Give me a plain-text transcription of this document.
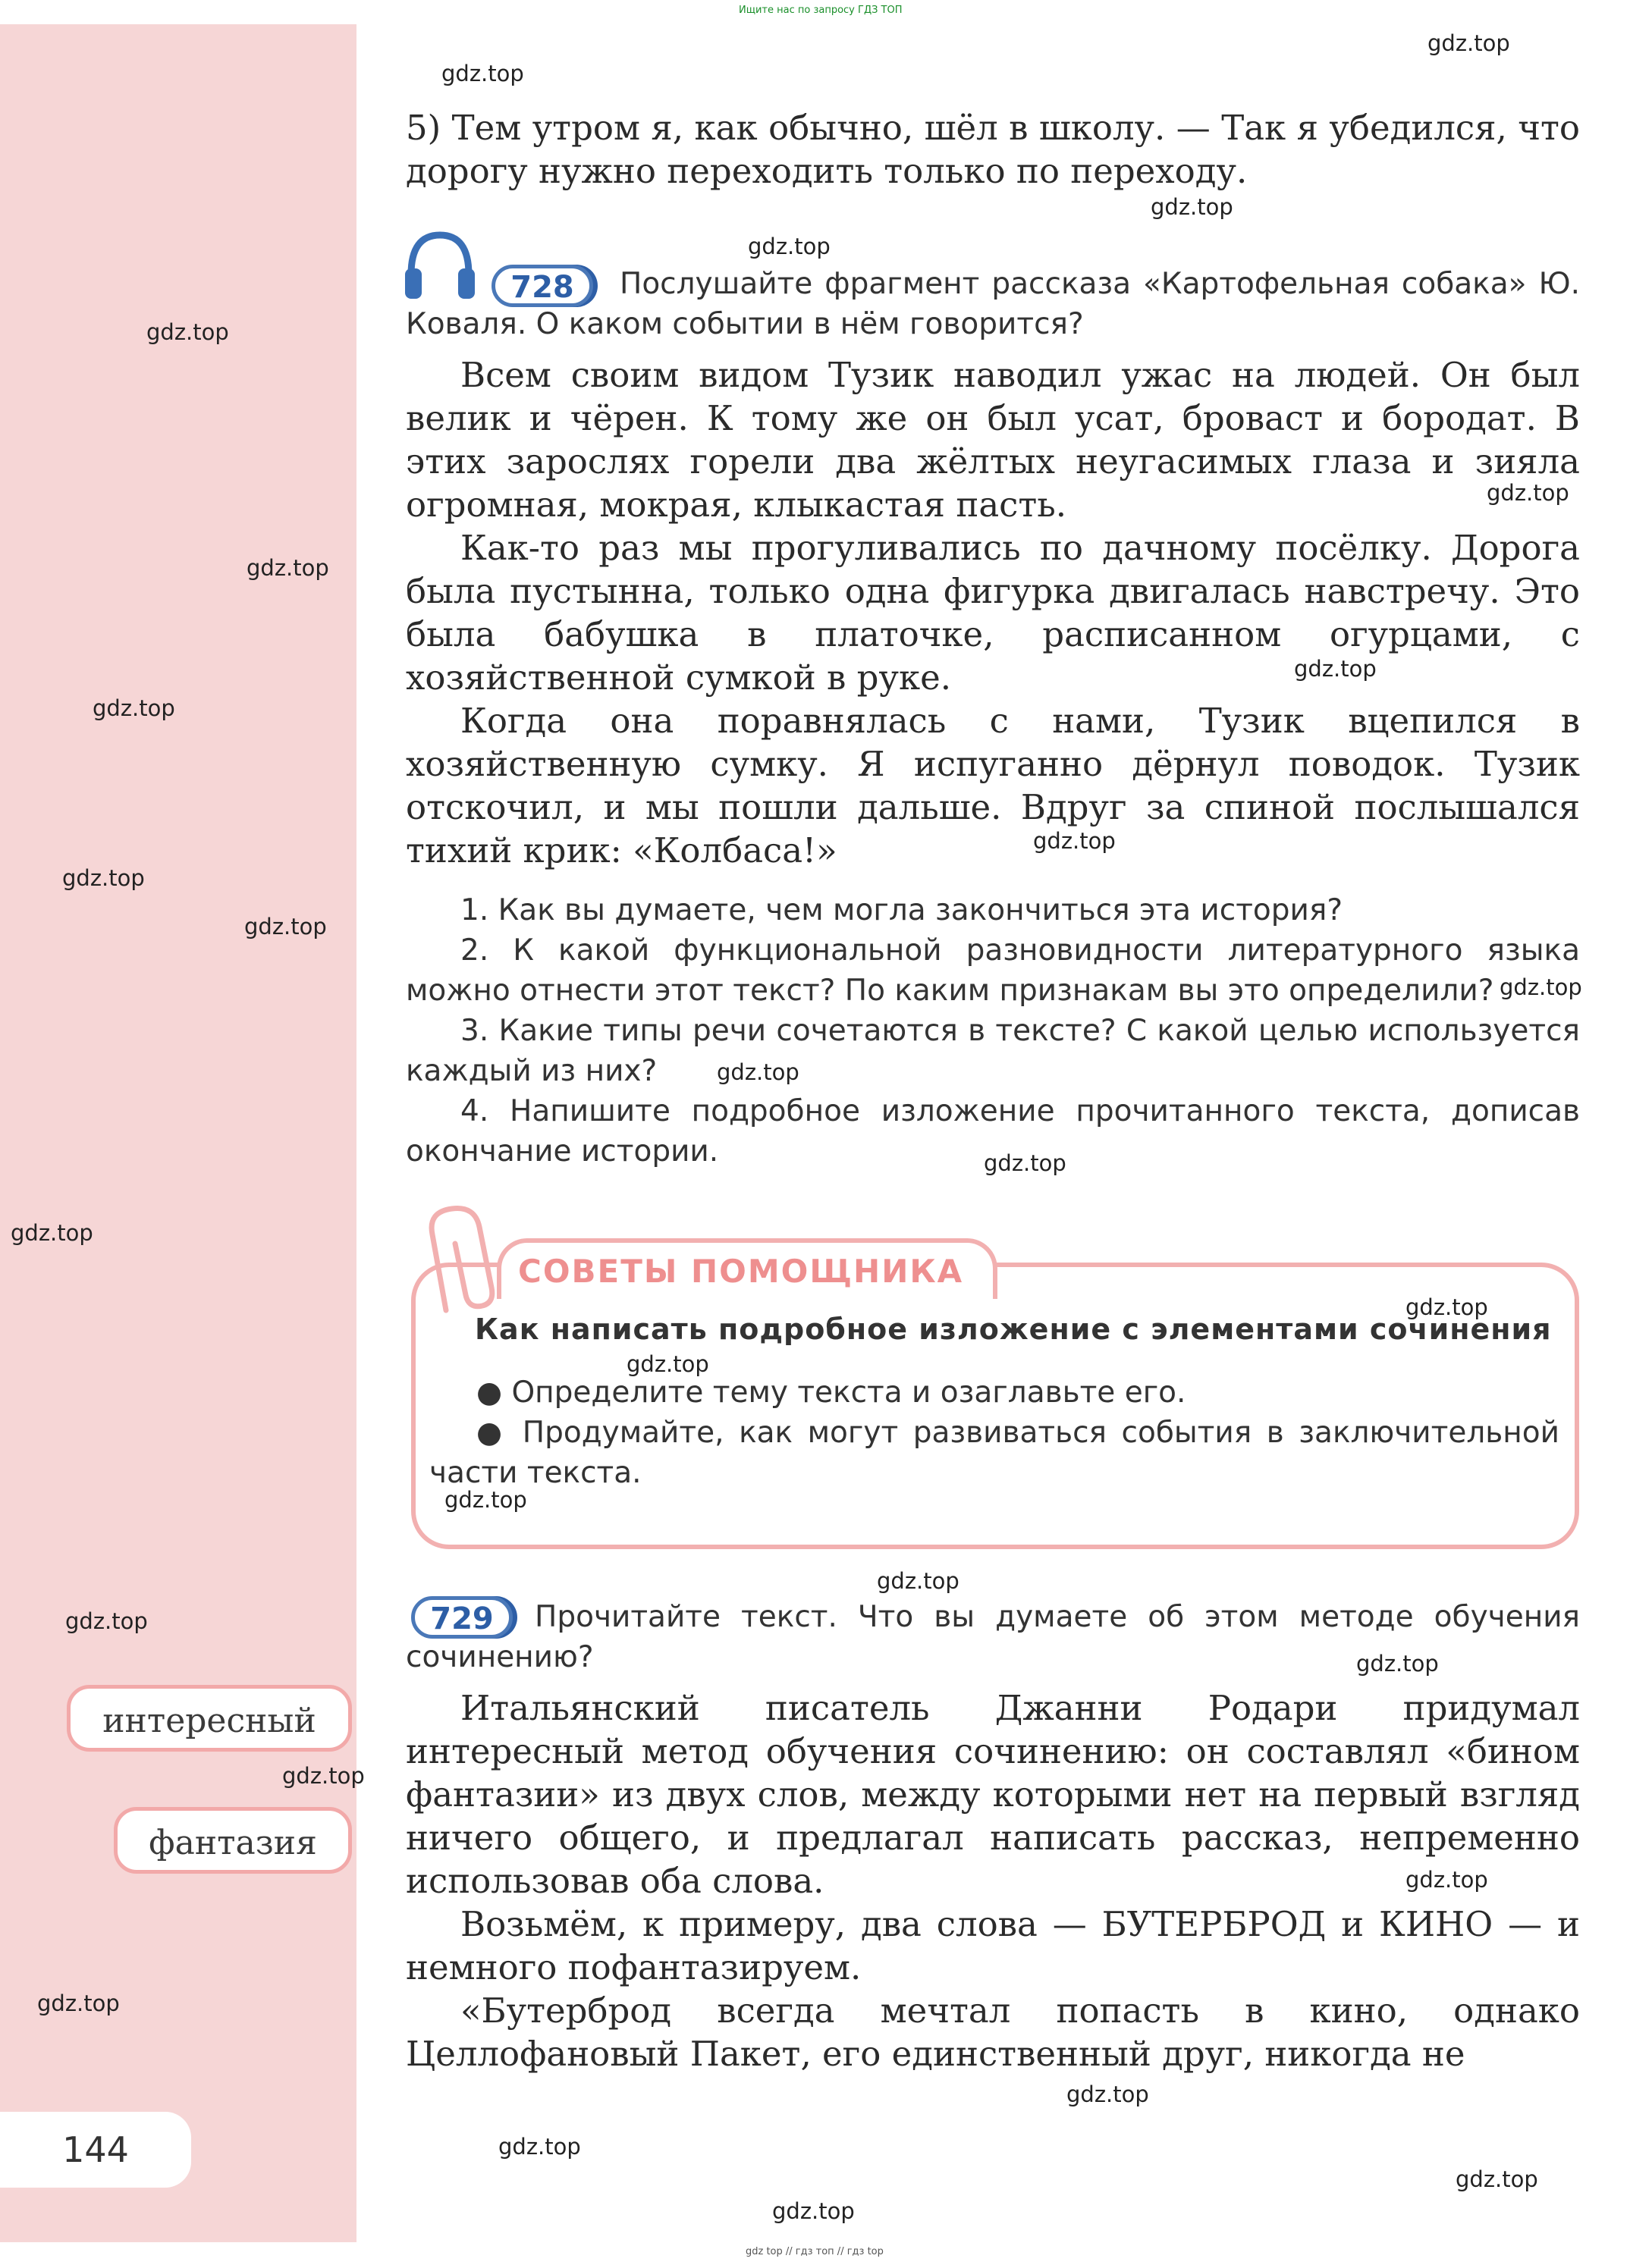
Ищите нас по запросу ГДЗ ТОП
144
интересный
фантазия
5) Тем утром я, как обычно, шёл в школу. — Так я убедился, что дорогу нужно переходить только по переходу.
728	Послушайте фрагмент рассказа «Картофельная собака» Ю. Коваля. О каком событии в нём говорится?
Всем своим видом Тузик наводил ужас на людей. Он был велик и чёрен. К тому же он был усат, броваст и бородат. В этих зарослях горели два жёлтых неугасимых глаза и зияла огромная, мокрая, клыкастая пасть.
Как-то раз мы прогуливались по дачному посёлку. Дорога была пустынна, только одна фигурка двигалась навстречу. Это была бабушка в платочке, расписанном огурцами, с хозяйственной сумкой в руке.
Когда она поравнялась с нами, Тузик вцепился в хозяйственную сумку. Я испуганно дёрнул поводок. Тузик отскочил, и мы пошли дальше. Вдруг за спиной послышался тихий крик: «Колбаса!»
1. Как вы думаете, чем могла закончиться эта история?
2. К какой функциональной разновидности литературного языка можно отнести этот текст? По каким признакам вы это определили?
3. Какие типы речи сочетаются в тексте? С какой целью используется каждый из них?
4. Напишите подробное изложение прочитанного текста, дописав окончание истории.
СОВЕТЫ ПОМОЩНИКА
Как написать подробное изложение с элементами сочинения
● Определите тему текста и озаглавьте его.
● Продумайте, как могут развиваться события в заключительной части текста.
729	Прочитайте текст. Что вы думаете об этом методе обучения сочинению?
Итальянский писатель Джанни Родари придумал интересный метод обучения сочинению: он составлял «бином фантазии» из двух слов, между которыми нет на первый взгляд ничего общего, и предлагал написать рассказ, непременно использовав оба слова.
Возьмём, к примеру, два слова — БУТЕРБРОД и КИНО — и немного пофантазируем.
«Бутерброд всегда мечтал попасть в кино, однако Целлофановый Пакет, его единственный друг, никогда не
gdz.top
gdz.top
gdz.top
gdz.top
gdz.top
gdz.top
gdz.top
gdz.top
gdz.top
gdz.top
gdz.top
gdz.top
gdz.top
gdz.top
gdz.top
gdz.top
gdz.top
gdz.top
gdz.top
gdz.top
gdz.top
gdz.top
gdz.top
gdz.top
gdz.top
gdz.top
gdz.top
gdz.top
gdz.top
gdz top // гдз топ // гдз top
